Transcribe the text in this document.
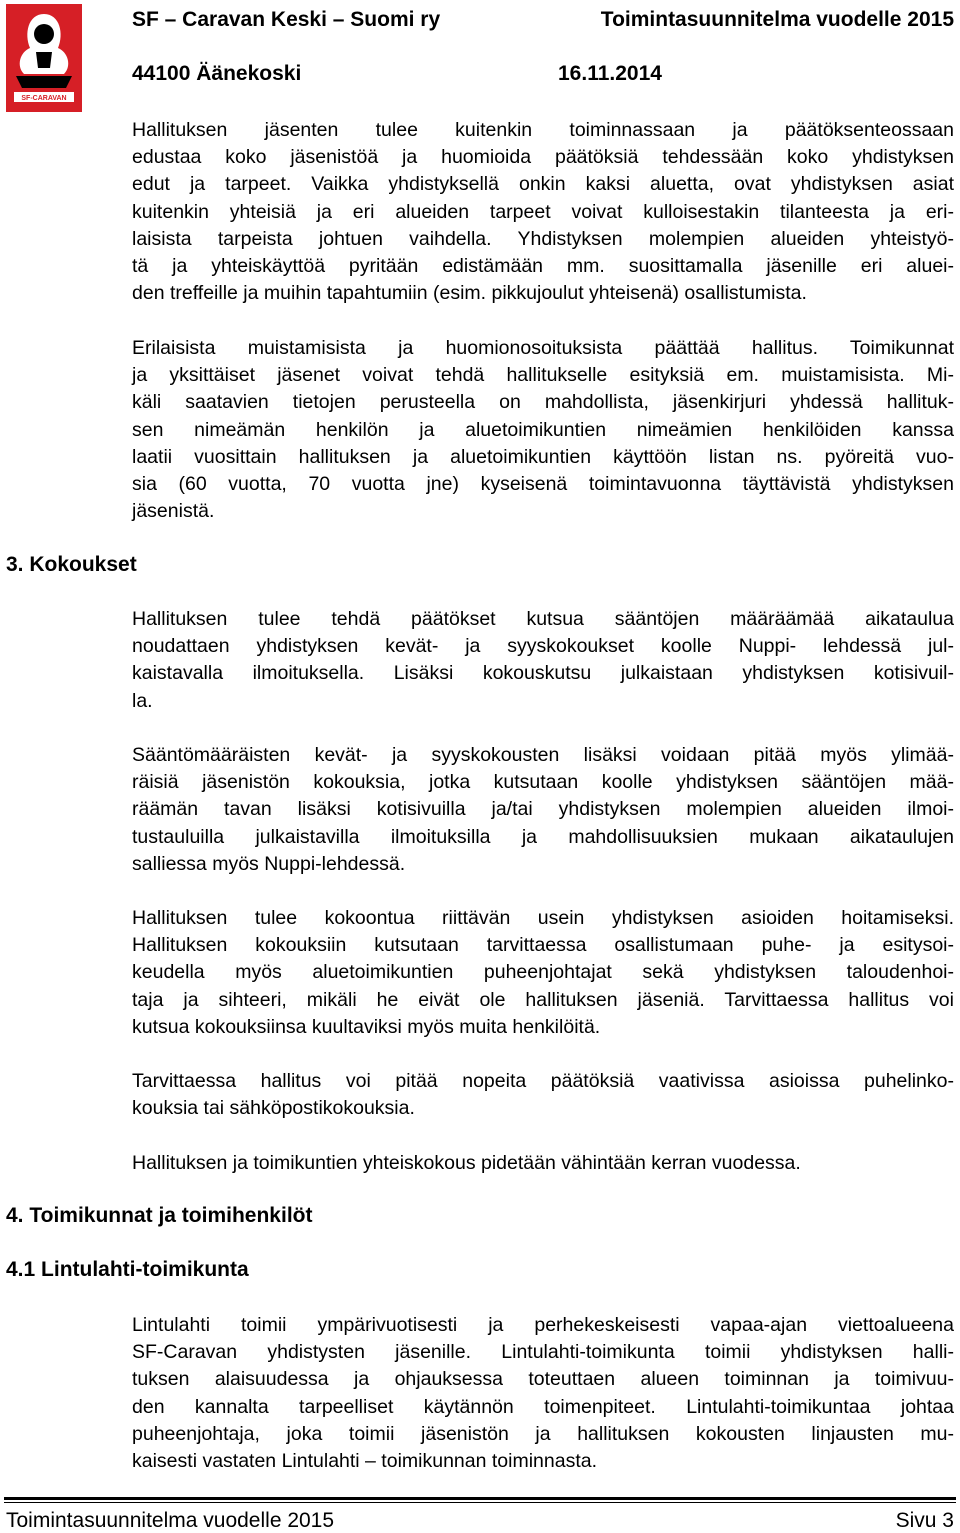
SF-CARAVAN
SF – Caravan Keski – Suomi ry	Toimintasuunnitelma vuodelle 2015
44100 Äänekoski	16.11.2014
3. Kokoukset
4. Toimikunnat ja toimihenkilöt
4.1 Lintulahti-toimikunta
Hallituksen jäsenten tulee kuitenkin toiminnassaan ja päätöksenteossaan
edustaa koko jäsenistöä ja huomioida päätöksiä tehdessään koko yhdistyksen
edut ja tarpeet. Vaikka yhdistyksellä onkin kaksi aluetta, ovat yhdistyksen asiat
kuitenkin yhteisiä ja eri alueiden tarpeet voivat kulloisestakin tilanteesta ja eri-
laisista tarpeista johtuen vaihdella. Yhdistyksen molempien alueiden yhteistyö-
tä ja yhteiskäyttöä pyritään edistämään mm. suosittamalla jäsenille eri aluei-
den treffeille ja muihin tapahtumiin (esim. pikkujoulut yhteisenä) osallistumista.
Erilaisista muistamisista ja huomionosoituksista päättää hallitus. Toimikunnat
ja yksittäiset jäsenet voivat tehdä hallitukselle esityksiä em. muistamisista. Mi-
käli saatavien tietojen perusteella on mahdollista, jäsenkirjuri yhdessä hallituk-
sen nimeämän henkilön ja aluetoimikuntien nimeämien henkilöiden kanssa
laatii vuosittain hallituksen ja aluetoimikuntien käyttöön listan ns. pyöreitä vuo-
sia (60 vuotta, 70 vuotta jne) kyseisenä toimintavuonna täyttävistä yhdistyksen
jäsenistä.
Hallituksen tulee tehdä päätökset kutsua sääntöjen määräämää aikataulua
noudattaen yhdistyksen kevät- ja syyskokoukset koolle Nuppi- lehdessä jul-
kaistavalla ilmoituksella. Lisäksi kokouskutsu julkaistaan yhdistyksen kotisivuil-
la.
Sääntömääräisten kevät- ja syyskokousten lisäksi voidaan pitää myös ylimää-
räisiä jäsenistön kokouksia, jotka kutsutaan koolle yhdistyksen sääntöjen mää-
räämän tavan lisäksi kotisivuilla ja/tai yhdistyksen molempien alueiden ilmoi-
tustauluilla julkaistavilla ilmoituksilla ja mahdollisuuksien mukaan aikataulujen
salliessa myös Nuppi-lehdessä.
Hallituksen tulee kokoontua riittävän usein yhdistyksen asioiden hoitamiseksi.
Hallituksen kokouksiin kutsutaan tarvittaessa osallistumaan puhe- ja esitysoi-
keudella myös aluetoimikuntien puheenjohtajat sekä yhdistyksen taloudenhoi-
taja ja sihteeri, mikäli he eivät ole hallituksen jäseniä. Tarvittaessa hallitus voi
kutsua kokouksiinsa kuultaviksi myös muita henkilöitä.
Tarvittaessa hallitus voi pitää nopeita päätöksiä vaativissa asioissa puhelinko-
kouksia tai sähköpostikokouksia.
Hallituksen ja toimikuntien yhteiskokous pidetään vähintään kerran vuodessa.
Lintulahti toimii ympärivuotisesti ja perhekeskeisesti vapaa-ajan viettoalueena
SF-Caravan yhdistysten jäsenille. Lintulahti-toimikunta toimii yhdistyksen halli-
tuksen alaisuudessa ja ohjauksessa toteuttaen alueen toiminnan ja toimivuu-
den kannalta tarpeelliset käytännön toimenpiteet. Lintulahti-toimikuntaa johtaa
puheenjohtaja, joka toimii jäsenistön ja hallituksen kokousten linjausten mu-
kaisesti vastaten Lintulahti – toimikunnan toiminnasta.
Toimintasuunnitelma vuodelle 2015	Sivu 3
